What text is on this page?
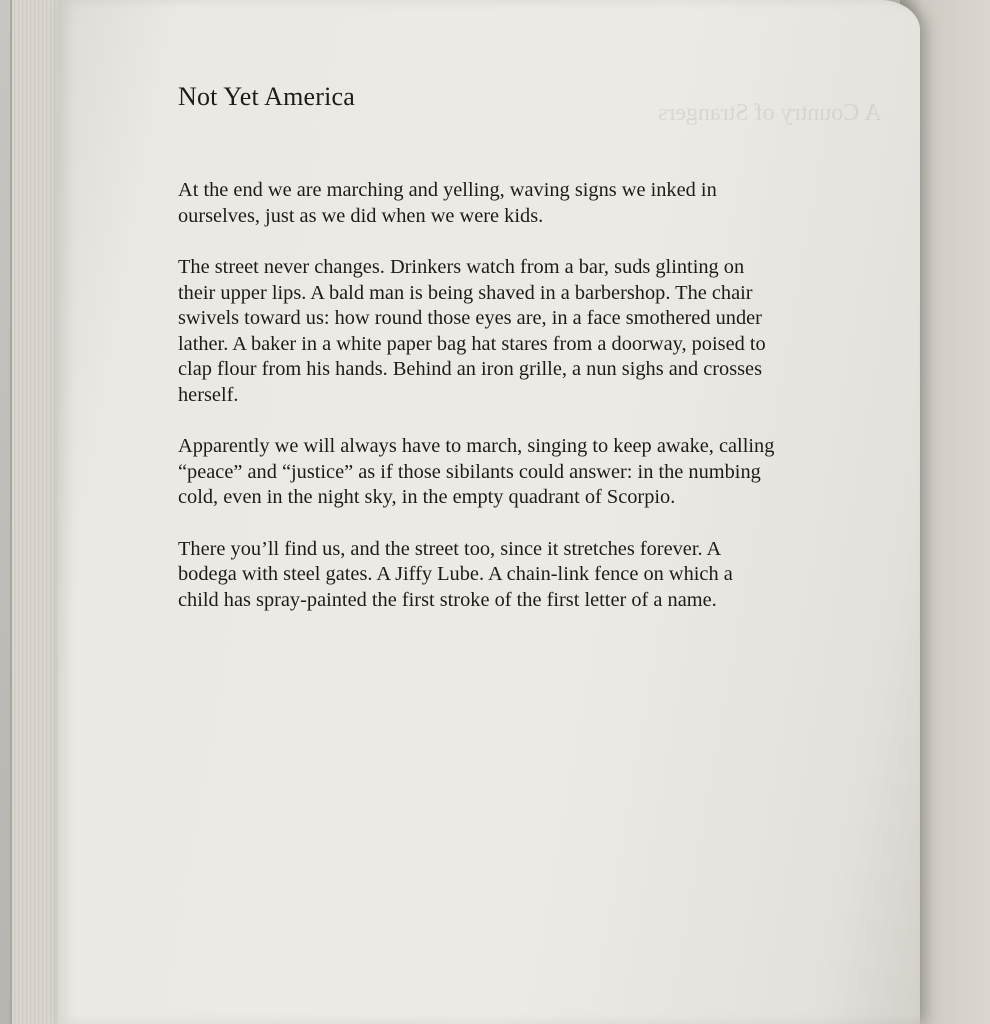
A Country of Strangers
Not Yet America

At the end we are marching and yelling, waving signs we inked in
ourselves, just as we did when we were kids.

The street never changes. Drinkers watch from a bar, suds glinting on
their upper lips. A bald man is being shaved in a barbershop. The chair
swivels toward us: how round those eyes are, in a face smothered under
lather. A baker in a white paper bag hat stares from a doorway, poised to
clap flour from his hands. Behind an iron grille, a nun sighs and crosses
herself.

Apparently we will always have to march, singing to keep awake, calling
“peace” and “justice” as if those sibilants could answer: in the numbing
cold, even in the night sky, in the empty quadrant of Scorpio.

There you’ll find us, and the street too, since it stretches forever. A
bodega with steel gates. A Jiffy Lube. A chain-link fence on which a
child has spray-painted the first stroke of the first letter of a name.
